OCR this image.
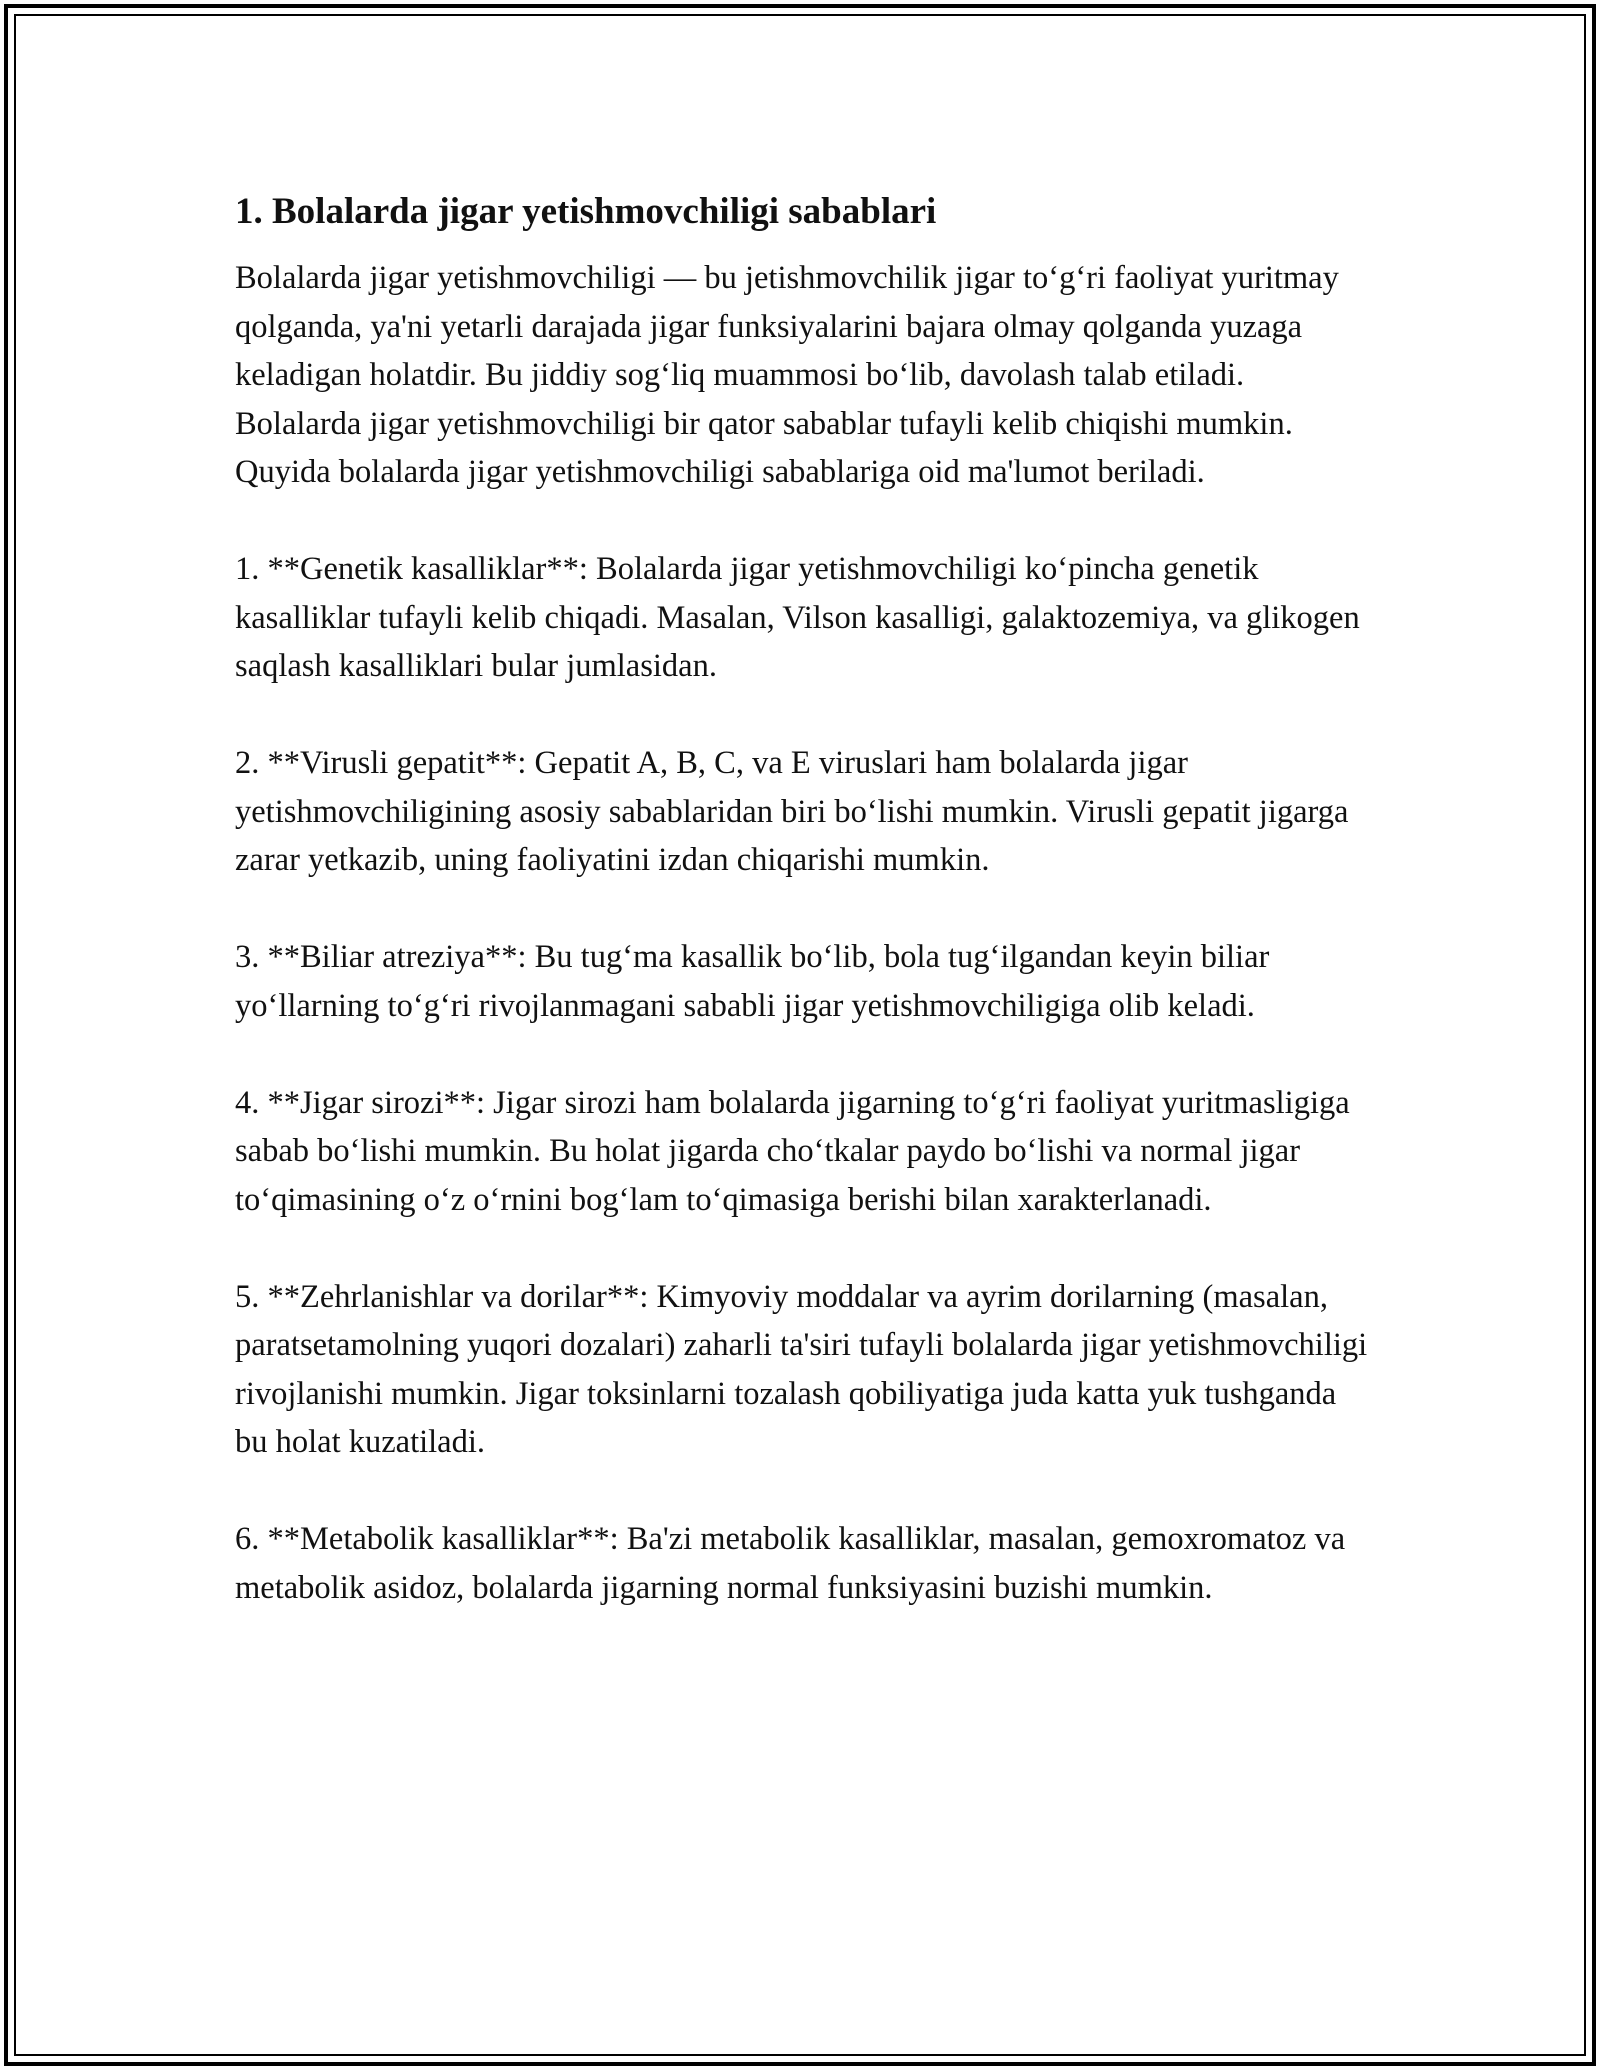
1. Bolalarda jigar yetishmovchiligi sabablari

Bolalarda jigar yetishmovchiligi — bu jetishmovchilik jigar to‘g‘ri faoliyat yuritmay qolganda, ya'ni yetarli darajada jigar funksiyalarini bajara olmay qolganda yuzaga keladigan holatdir. Bu jiddiy sog‘liq muammosi bo‘lib, davolash talab etiladi. Bolalarda jigar yetishmovchiligi bir qator sabablar tufayli kelib chiqishi mumkin. Quyida bolalarda jigar yetishmovchiligi sabablariga oid ma'lumot beriladi.

1. **Genetik kasalliklar**: Bolalarda jigar yetishmovchiligi ko‘pincha genetik kasalliklar tufayli kelib chiqadi. Masalan, Vilson kasalligi, galaktozemiya, va glikogen saqlash kasalliklari bular jumlasidan.

2. **Virusli gepatit**: Gepatit A, B, C, va E viruslari ham bolalarda jigar yetishmovchiligining asosiy sabablaridan biri bo‘lishi mumkin. Virusli gepatit jigarga zarar yetkazib, uning faoliyatini izdan chiqarishi mumkin.

3. **Biliar atreziya**: Bu tug‘ma kasallik bo‘lib, bola tug‘ilgandan keyin biliar yo‘llarning to‘g‘ri rivojlanmagani sababli jigar yetishmovchiligiga olib keladi.

4. **Jigar sirozi**: Jigar sirozi ham bolalarda jigarning to‘g‘ri faoliyat yuritmasligiga sabab bo‘lishi mumkin. Bu holat jigarda cho‘tkalar paydo bo‘lishi va normal jigar to‘qimasining o‘z o‘rnini bog‘lam to‘qimasiga berishi bilan xarakterlanadi.

5. **Zehrlanishlar va dorilar**: Kimyoviy moddalar va ayrim dorilarning (masalan, paratsetamolning yuqori dozalari) zaharli ta'siri tufayli bolalarda jigar yetishmovchiligi rivojlanishi mumkin. Jigar toksinlarni tozalash qobiliyatiga juda katta yuk tushganda bu holat kuzatiladi.

6. **Metabolik kasalliklar**: Ba'zi metabolik kasalliklar, masalan, gemoxromatoz va metabolik asidoz, bolalarda jigarning normal funksiyasini buzishi mumkin.
